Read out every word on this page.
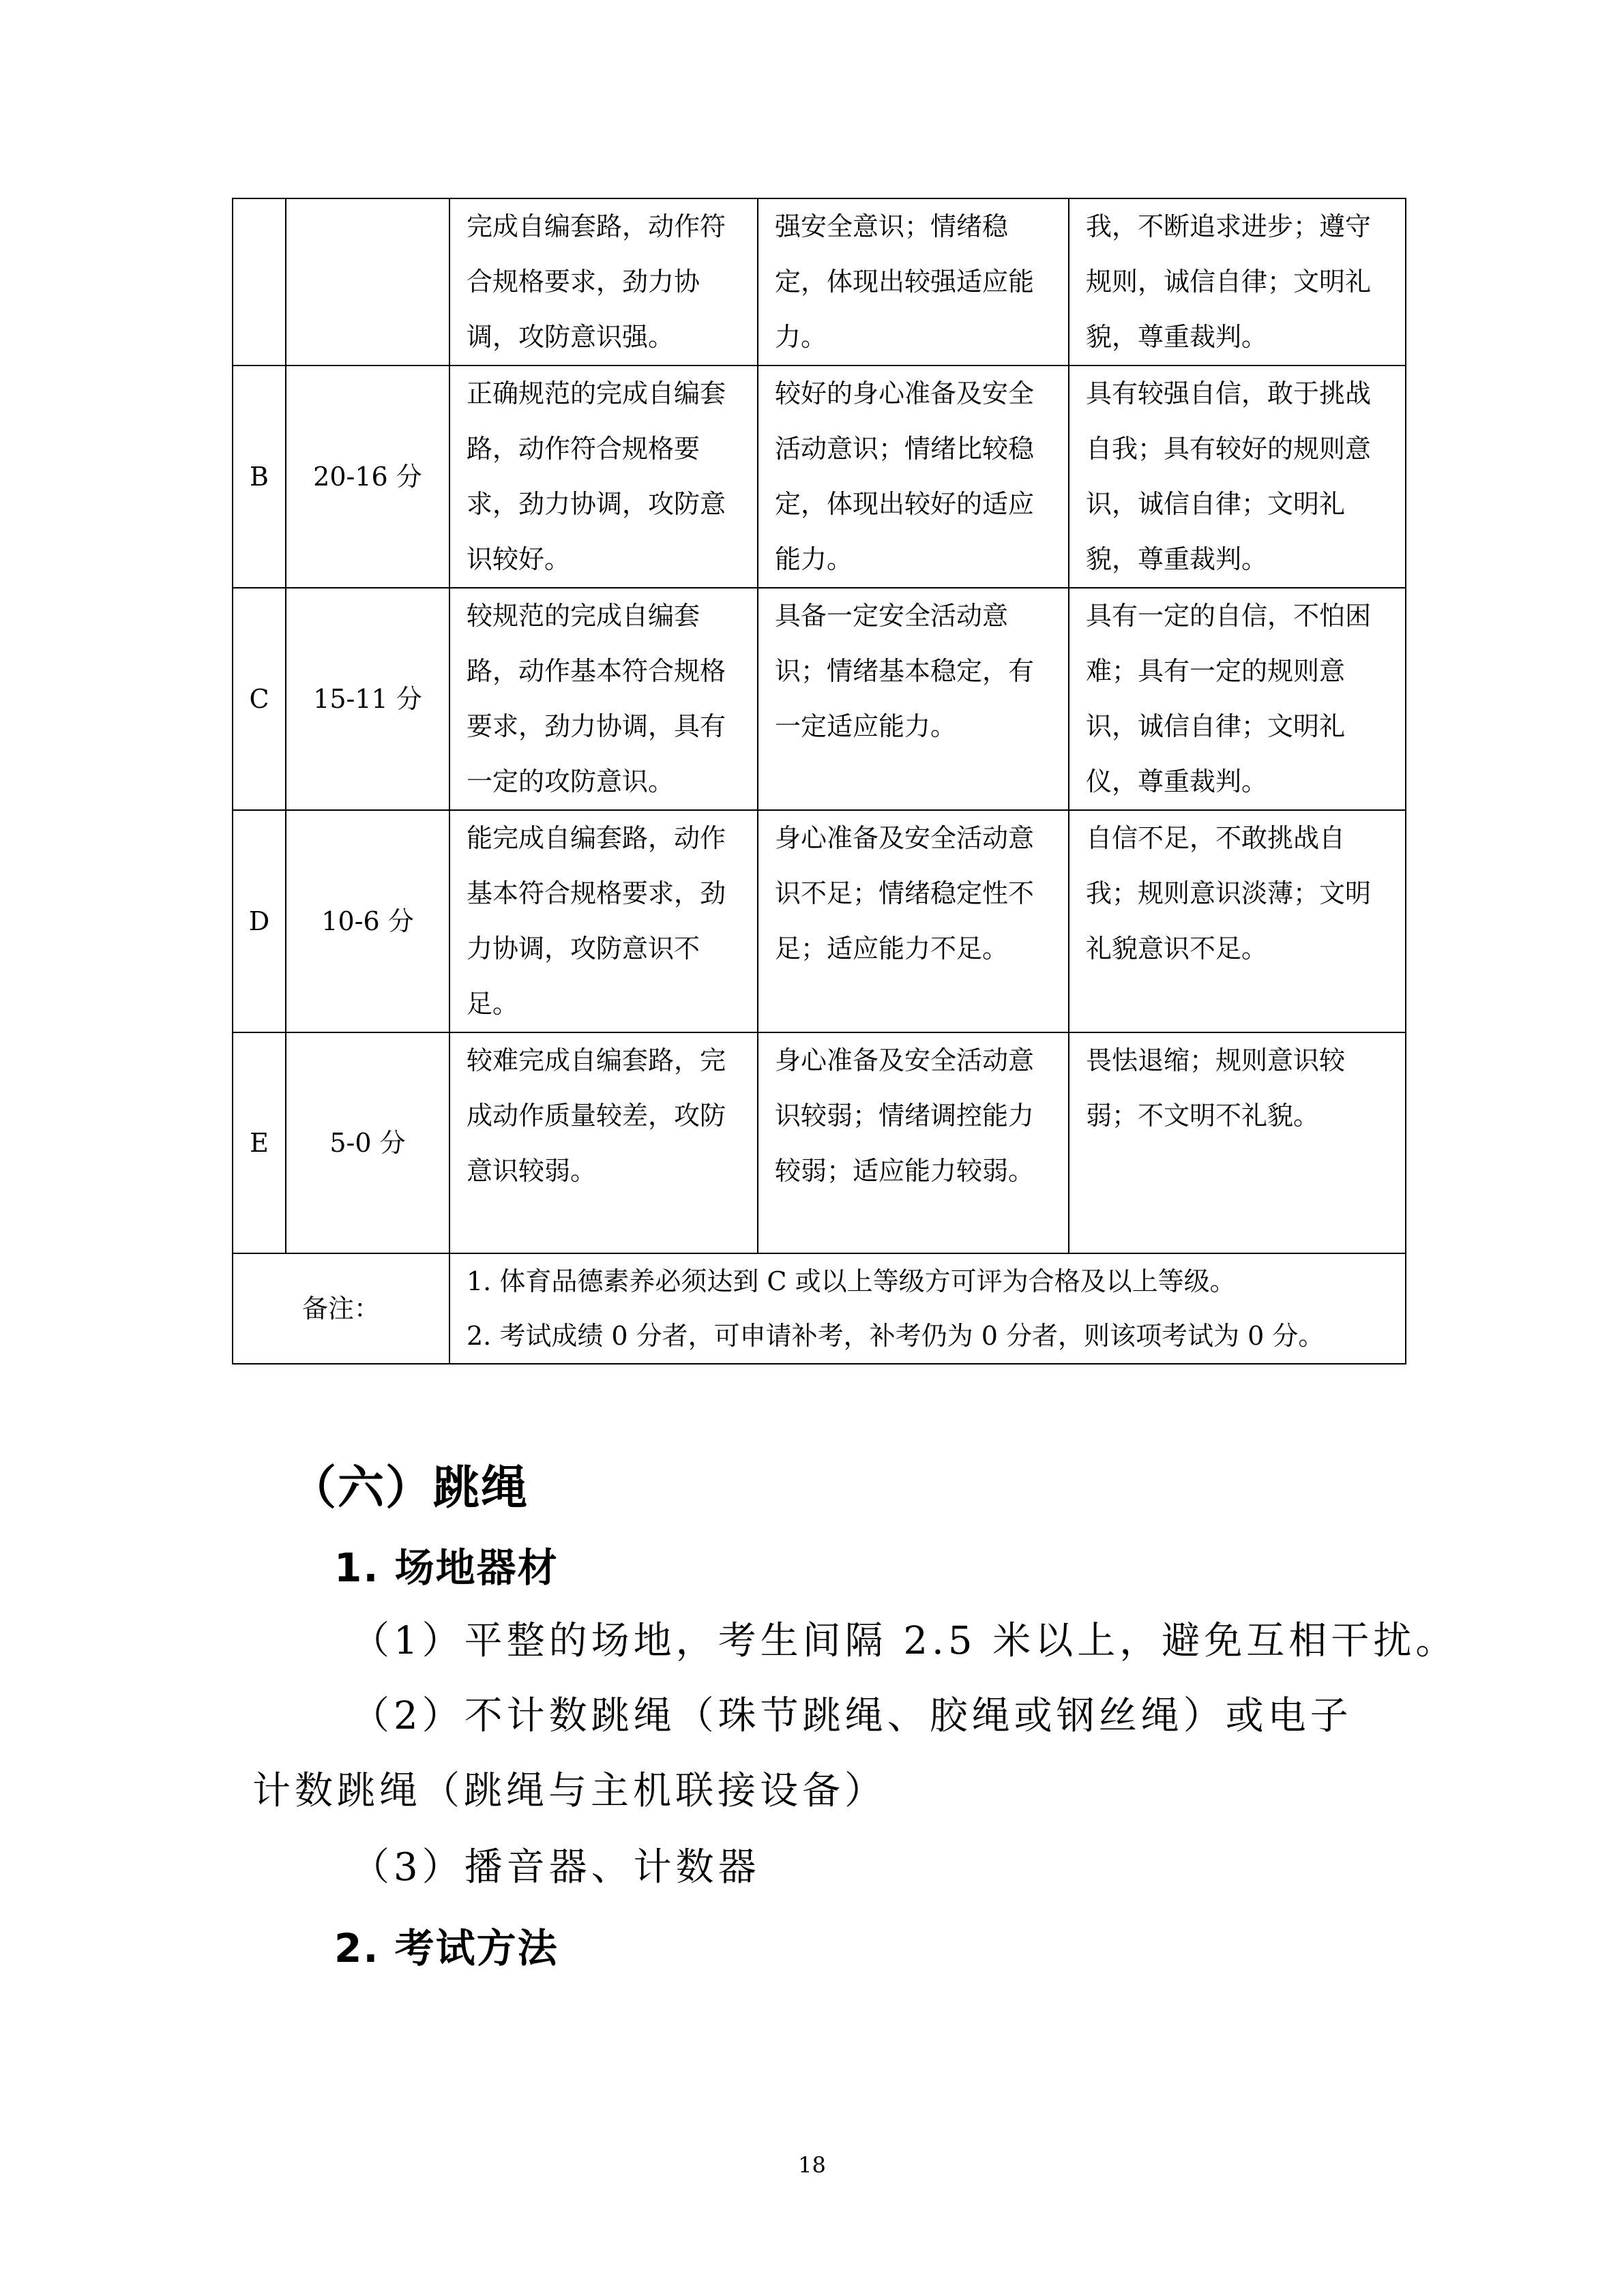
		完成自编套路，动作符合规格要求，劲力协调，攻防意识强。	强安全意识；情绪稳定，体现出较强适应能力。	我，不断追求进步；遵守规则，诚信自律；文明礼貌，尊重裁判。
B	20-16 分	正确规范的完成自编套路，动作符合规格要求，劲力协调，攻防意识较好。	较好的身心准备及安全活动意识；情绪比较稳定，体现出较好的适应能力。	具有较强自信，敢于挑战自我；具有较好的规则意识，诚信自律；文明礼貌，尊重裁判。
C	15-11 分	较规范的完成自编套路，动作基本符合规格要求，劲力协调，具有一定的攻防意识。	具备一定安全活动意识；情绪基本稳定，有一定适应能力。	具有一定的自信，不怕困难；具有一定的规则意识，诚信自律；文明礼仪，尊重裁判。
D	10-6 分	能完成自编套路，动作基本符合规格要求，劲力协调，攻防意识不足。	身心准备及安全活动意识不足；情绪稳定性不足；适应能力不足。	自信不足，不敢挑战自我；规则意识淡薄；文明礼貌意识不足。
E	5-0 分	较难完成自编套路，完成动作质量较差，攻防意识较弱。	身心准备及安全活动意识较弱；情绪调控能力较弱；适应能力较弱。	畏怯退缩；规则意识较弱；不文明不礼貌。
备注：		1. 体育品德素养必须达到 C 或以上等级方可评为合格及以上等级。
2. 考试成绩 0 分者，可申请补考，补考仍为 0 分者，则该项考试为 0 分。		
（六）跳绳
1. 场地器材
（1）平整的场地，考生间隔 2.5 米以上，避免互相干扰。
（2）不计数跳绳（珠节跳绳、胶绳或钢丝绳）或电子
计数跳绳（跳绳与主机联接设备）
（3）播音器、计数器
2. 考试方法
18
